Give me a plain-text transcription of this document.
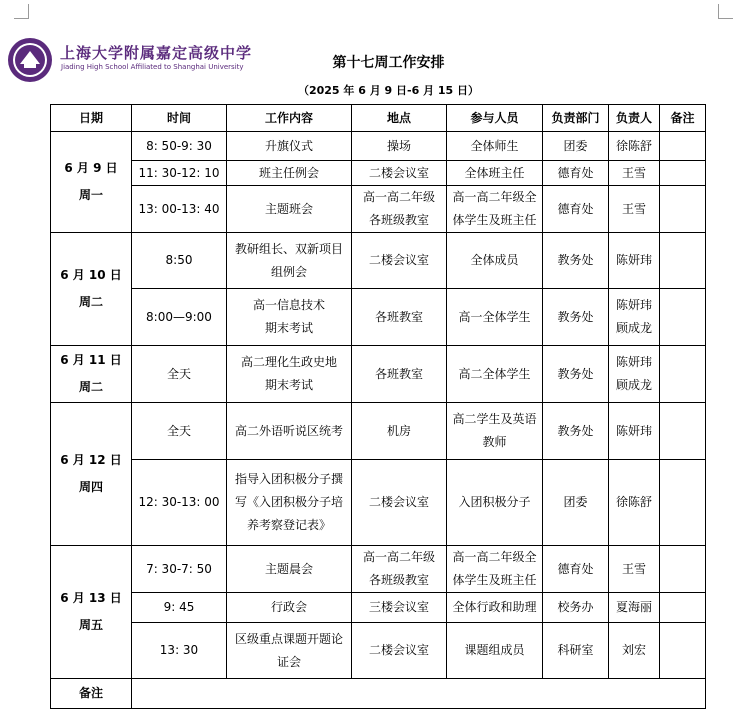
上海大学附属嘉定高级中学
Jiading High School Affiliated to Shanghai University	第十七周工作安排
（2025 年 6 月 9 日-6 月 15 日）
日期	时间	工作内容	地点	参与人员	负责部门	负责人	备注

6 月 9 日
周一	8: 50-9: 30	升旗仪式	操场	全体师生	团委	徐陈舒	

	11: 30-12: 10	班主任例会	二楼会议室	全体班主任	德育处	王雪	

	13: 00-13: 40	主题班会	高一高二年级
各班级教室	高一高二年级全
体学生及班主任	德育处	王雪	

6 月 10 日
周二	8:50	教研组长、双新项目
组例会	二楼会议室	全体成员	教务处	陈妍玮	

	8:00—9:00	高一信息技术
期末考试	各班教室	高一全体学生	教务处	陈妍玮
顾成龙	

6 月 11 日
周二	全天	高二理化生政史地
期末考试	各班教室	高二全体学生	教务处	陈妍玮
顾成龙	

6 月 12 日
周四	全天	高二外语听说区统考	机房	高二学生及英语
教师	教务处	陈妍玮	

	12: 30-13: 00	指导入团积极分子撰
写《入团积极分子培
养考察登记表》	二楼会议室	入团积极分子	团委	徐陈舒	

6 月 13 日
周五	7: 30-7: 50	主题晨会	高一高二年级
各班级教室	高一高二年级全
体学生及班主任	德育处	王雪	

	9: 45	行政会	三楼会议室	全体行政和助理	校务办	夏海丽	

	13: 30	区级重点课题开题论
证会	二楼会议室	课题组成员	科研室	刘宏	

备注							
